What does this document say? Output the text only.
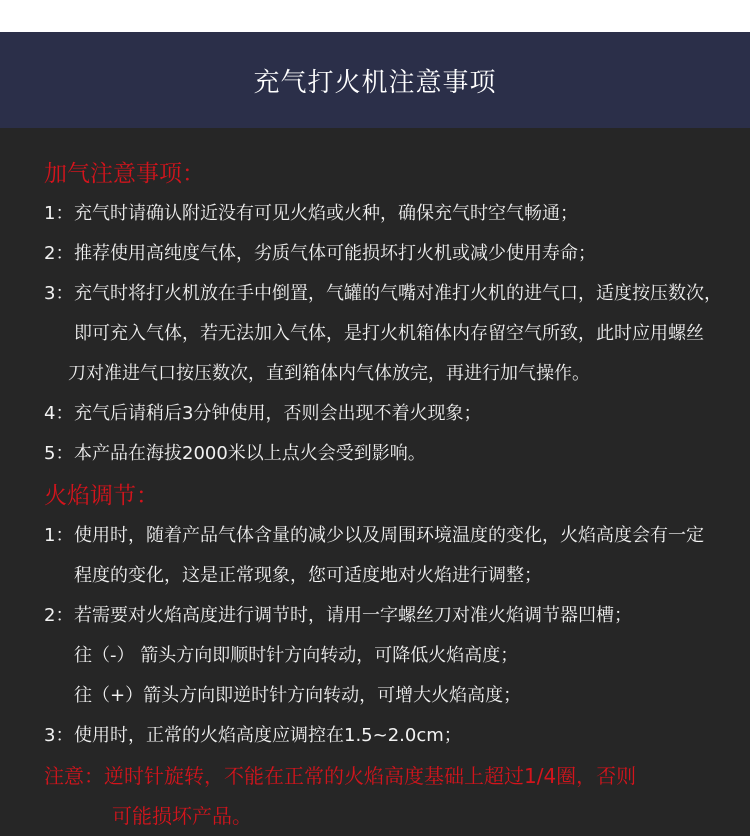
充气打火机注意事项
加气注意事项：
1：充气时请确认附近没有可见火焰或火种，确保充气时空气畅通；
2：推荐使用高纯度气体，劣质气体可能损坏打火机或减少使用寿命；
3：充气时将打火机放在手中倒置，气罐的气嘴对准打火机的进气口，适度按压数次，
即可充入气体，若无法加入气体，是打火机箱体内存留空气所致，此时应用螺丝
刀对准进气口按压数次，直到箱体内气体放完，再进行加气操作。
4：充气后请稍后3分钟使用，否则会出现不着火现象；
5：本产品在海拔2000米以上点火会受到影响。
火焰调节：
1：使用时，随着产品气体含量的减少以及周围环境温度的变化，火焰高度会有一定
程度的变化，这是正常现象，您可适度地对火焰进行调整；
2：若需要对火焰高度进行调节时，请用一字螺丝刀对准火焰调节器凹槽；
往（-） 箭头方向即顺时针方向转动，可降低火焰高度；
往（+）箭头方向即逆时针方向转动，可增大火焰高度；
3：使用时，正常的火焰高度应调控在1.5~2.0cm；
注意：逆时针旋转，不能在正常的火焰高度基础上超过1/4圈，否则
可能损坏产品。
